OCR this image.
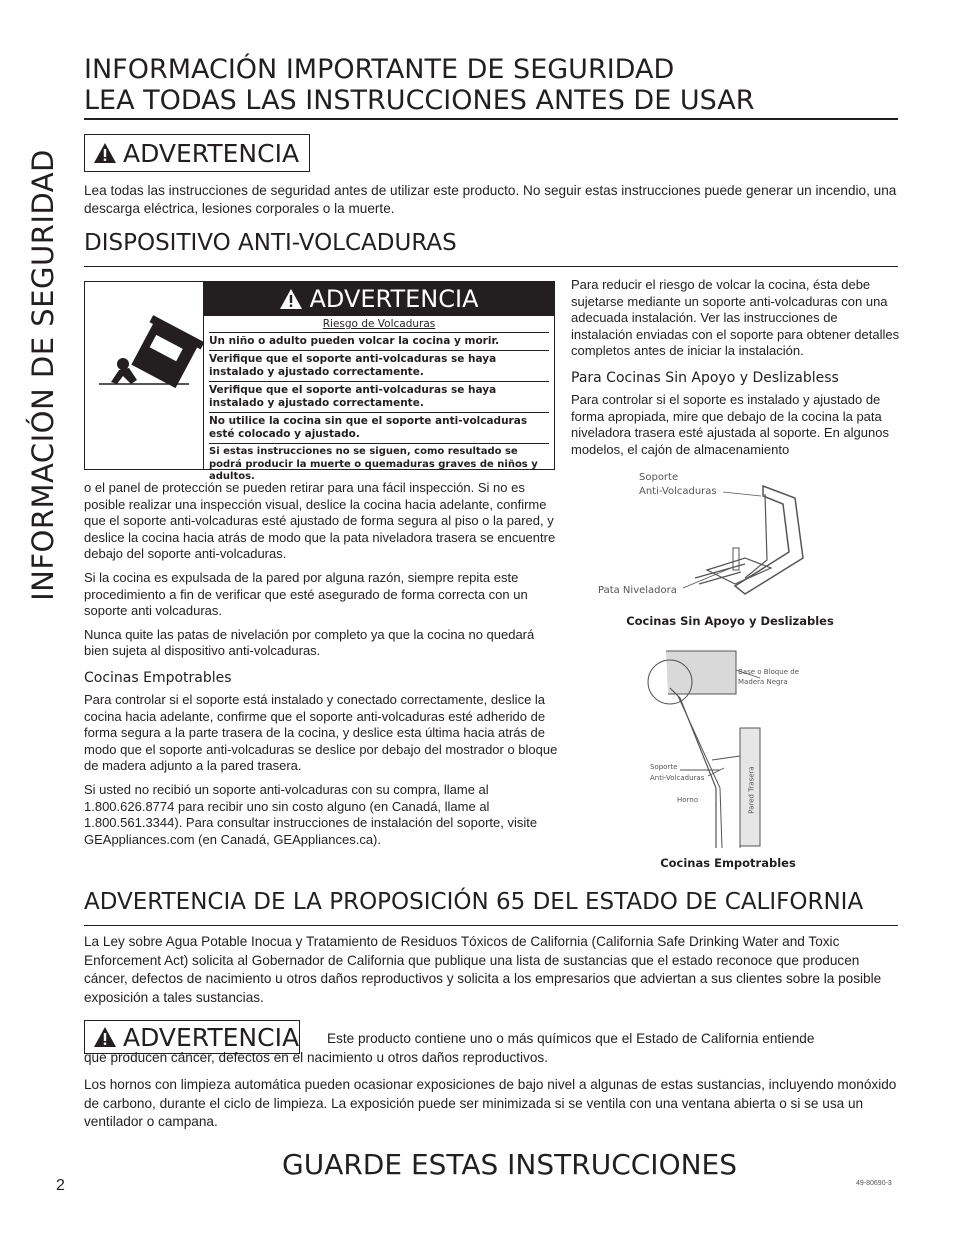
INFORMACIÓN DE SEGURIDAD
INFORMACIÓN IMPORTANTE DE SEGURIDAD
LEA TODAS LAS INSTRUCCIONES ANTES DE USAR
ADVERTENCIA

Lea todas las instrucciones de seguridad antes de utilizar este producto. No seguir estas instrucciones puede generar un incendio, una descarga eléctrica, lesiones corporales o la muerte.

DISPOSITIVO ANTI-VOLCADURAS
ADVERTENCIA
Riesgo de Volcaduras
Un niño o adulto pueden volcar la cocina y morir.
Verifique que el soporte anti-volcaduras se haya instalado y ajustado correctamente.
Verifique que el soporte anti-volcaduras se haya instalado y ajustado correctamente.
No utilice la cocina sin que el soporte anti-volcaduras esté colocado y ajustado.
Si estas instrucciones no se siguen, como resultado se podrá producir la muerte o quemaduras graves de niños y adultos.

Para reducir el riesgo de volcar la cocina, ésta debe sujetarse mediante un soporte anti-volcaduras con una adecuada instalación. Ver las instrucciones de instalación enviadas con el soporte para obtener detalles completos antes de iniciar la instalación.

Para Cocinas Sin Apoyo y Deslizabless

Para controlar si el soporte es instalado y ajustado de forma apropiada, mire que debajo de la cocina la pata niveladora trasera esté ajustada al soporte. En algunos modelos, el cajón de almacenamiento

o el panel de protección se pueden retirar para una fácil inspección. Si no es posible realizar una inspección visual, deslice la cocina hacia adelante, confirme que el soporte anti-volcaduras esté ajustado de forma segura al piso o la pared, y deslice la cocina hacia atrás de modo que la pata niveladora trasera se encuentre debajo del soporte anti-volcaduras.

Si la cocina es expulsada de la pared por alguna razón, siempre repita este procedimiento a fin de verificar que esté asegurado de forma correcta con un soporte anti volcaduras.

Nunca quite las patas de nivelación por completo ya que la cocina no quedará bien sujeta al dispositivo anti-volcaduras.

Cocinas Empotrables

Para controlar si el soporte está instalado y conectado correctamente, deslice la cocina hacia adelante, confirme que el soporte anti-volcaduras esté adherido de forma segura a la parte trasera de la cocina, y deslice esta última hacia atrás de modo que el soporte anti-volcaduras se deslice por debajo del mostrador o bloque de madera adjunto a la pared trasera.

Si usted no recibió un soporte anti-volcaduras con su compra, llame al 1.800.626.8774 para recibir uno sin costo alguno (en Canadá, llame al 1.800.561.3344). Para consultar instrucciones de instalación del soporte, visite GEAppliances.com (en Canadá, GEAppliances.ca).

Soporte
Anti-Volcaduras
Pata Niveladora
Cocinas Sin Apoyo y Deslizables
Base o Bloque de
Madera Negra
Soporte
Anti-Volcaduras
Horno	Pared Trasera
Cocinas Empotrables
ADVERTENCIA DE LA PROPOSICIÓN 65 DEL ESTADO DE CALIFORNIA

La Ley sobre Agua Potable Inocua y Tratamiento de Residuos Tóxicos de California (California Safe Drinking Water and Toxic Enforcement Act) solicita al Gobernador de California que publique una lista de sustancias que el estado reconoce que producen cáncer, defectos de nacimiento u otros daños reproductivos y solicita a los empresarios que adviertan a sus clientes sobre la posible exposición a tales sustancias.

ADVERTENCIA Este producto contiene uno o más químicos que el Estado de California entiende

que producen cáncer, defectos en el nacimiento u otros daños reproductivos.

Los hornos con limpieza automática pueden ocasionar exposiciones de bajo nivel a algunas de estas sustancias, incluyendo monóxido de carbono, durante el ciclo de limpieza. La exposición puede ser minimizada si se ventila con una ventana abierta o si se usa un ventilador o campana.

GUARDE ESTAS INSTRUCCIONES
2	49-80690-3
